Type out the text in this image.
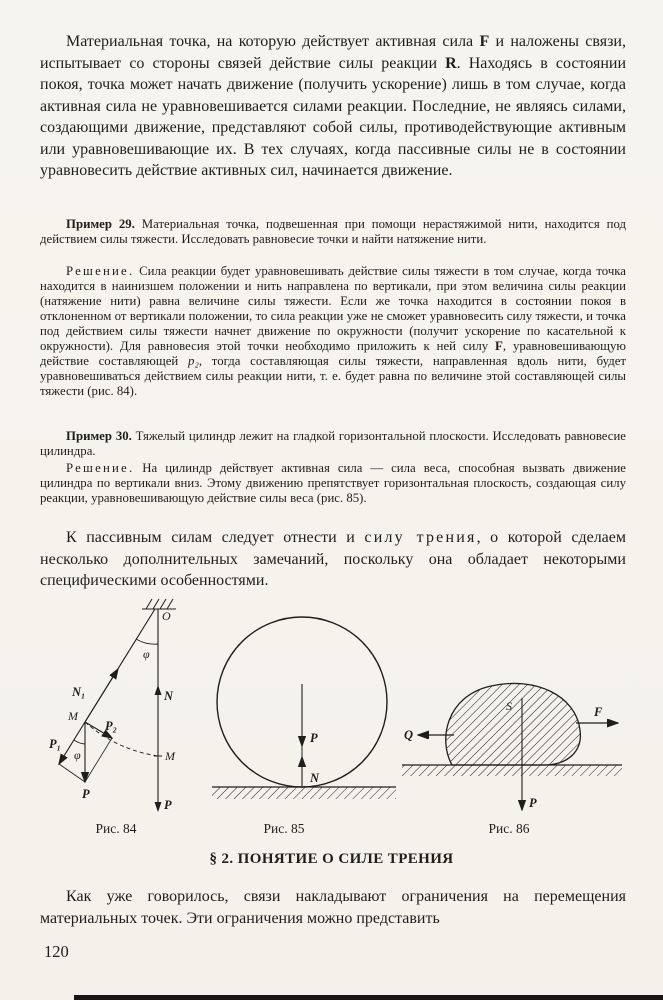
Материальная точка, на которую действует активная сила F и наложены связи, испытывает со стороны связей действие силы реакции R. Находясь в состоянии покоя, точка может начать движение (получить ускорение) лишь в том случае, когда активная сила не уравновешивается силами реакции. Последние, не являясь силами, создающими движение, представляют собой силы, противодействующие активным или уравновешивающие их. В тех случаях, когда пассивные силы не в состоянии уравновесить действие активных сил, начинается движение.

Пример 29. Материальная точка, подвешенная при помощи нерастяжимой нити, находится под действием силы тяжести. Исследовать равновесие точки и найти натяжение нити.

Решение. Сила реакции будет уравновешивать действие силы тяжести в том случае, когда точка находится в наинизшем положении и нить направлена по вертикали, при этом величина силы реакции (натяжение нити) равна величине силы тяжести. Если же точка находится в состоянии покоя в отклоненном от вертикали положении, то сила реакции уже не сможет уравновесить силу тяжести, и точка под действием силы тяжести начнет движение по окружности (получит ускорение по касательной к окружности). Для равновесия этой точки необходимо приложить к ней силу F, уравновешивающую действие составляющей p₂, тогда составляющая силы тяжести, направленная вдоль нити, будет уравновешиваться действием силы реакции нити, т. е. будет равна по величине этой составляющей силы тяжести (рис. 84).

Пример 30. Тяжелый цилиндр лежит на гладкой горизонтальной плоскости. Исследовать равновесие цилиндра.

Решение. На цилиндр действует активная сила — сила веса, способная вызвать движение цилиндра по вертикали вниз. Этому движению препятствует горизонтальная плоскость, создающая силу реакции, уравновешивающую действие силы веса (рис. 85).

К пассивным силам следует отнести и силу трения, о которой сделаем несколько дополнительных замечаний, поскольку она обладает некоторыми специфическими особенностями.

O
N
M
P
φ
N₁
M
P₂
P₁
φ
P
P
N
Q
S	F
P
Рис. 84	Рис. 85	Рис. 86
§ 2. ПОНЯТИЕ О СИЛЕ ТРЕНИЯ

Как уже говорилось, связи накладывают ограничения на перемещения материальных точек. Эти ограничения можно представить

120
